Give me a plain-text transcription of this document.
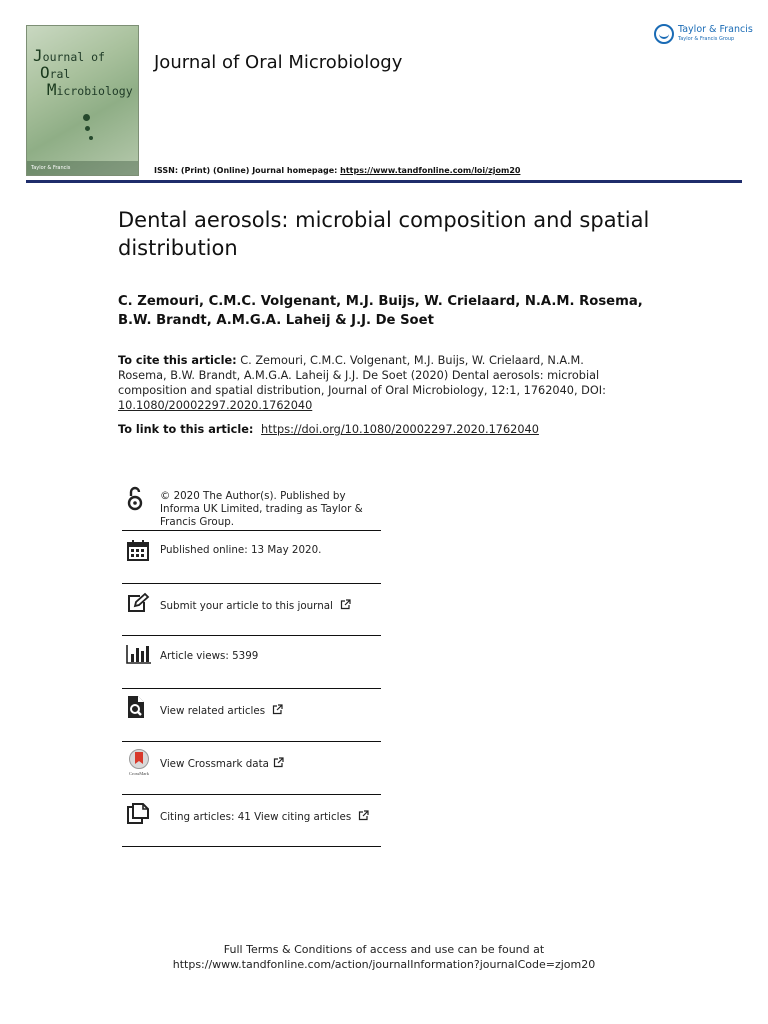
Journal of
Oral
Microbiology
Taylor & Francis
Journal of Oral Microbiology
Taylor & Francis
Taylor & Francis Group
ISSN: (Print) (Online) Journal homepage: https://www.tandfonline.com/loi/zjom20
Dental aerosols: microbial composition and spatial distribution
C. Zemouri, C.M.C. Volgenant, M.J. Buijs, W. Crielaard, N.A.M. Rosema, B.W. Brandt, A.M.G.A. Laheij & J.J. De Soet
To cite this article: C. Zemouri, C.M.C. Volgenant, M.J. Buijs, W. Crielaard, N.A.M. Rosema, B.W. Brandt, A.M.G.A. Laheij & J.J. De Soet (2020) Dental aerosols: microbial composition and spatial distribution, Journal of Oral Microbiology, 12:1, 1762040, DOI: 10.1080/20002297.2020.1762040
To link to this article: https://doi.org/10.1080/20002297.2020.1762040
© 2020 The Author(s). Published by Informa UK Limited, trading as Taylor & Francis Group.
Published online: 13 May 2020.
Submit your article to this journal
Article views: 5399
View related articles
CrossMark
View Crossmark data
Citing articles: 41 View citing articles
Full Terms & Conditions of access and use can be found at
https://www.tandfonline.com/action/journalInformation?journalCode=zjom20
